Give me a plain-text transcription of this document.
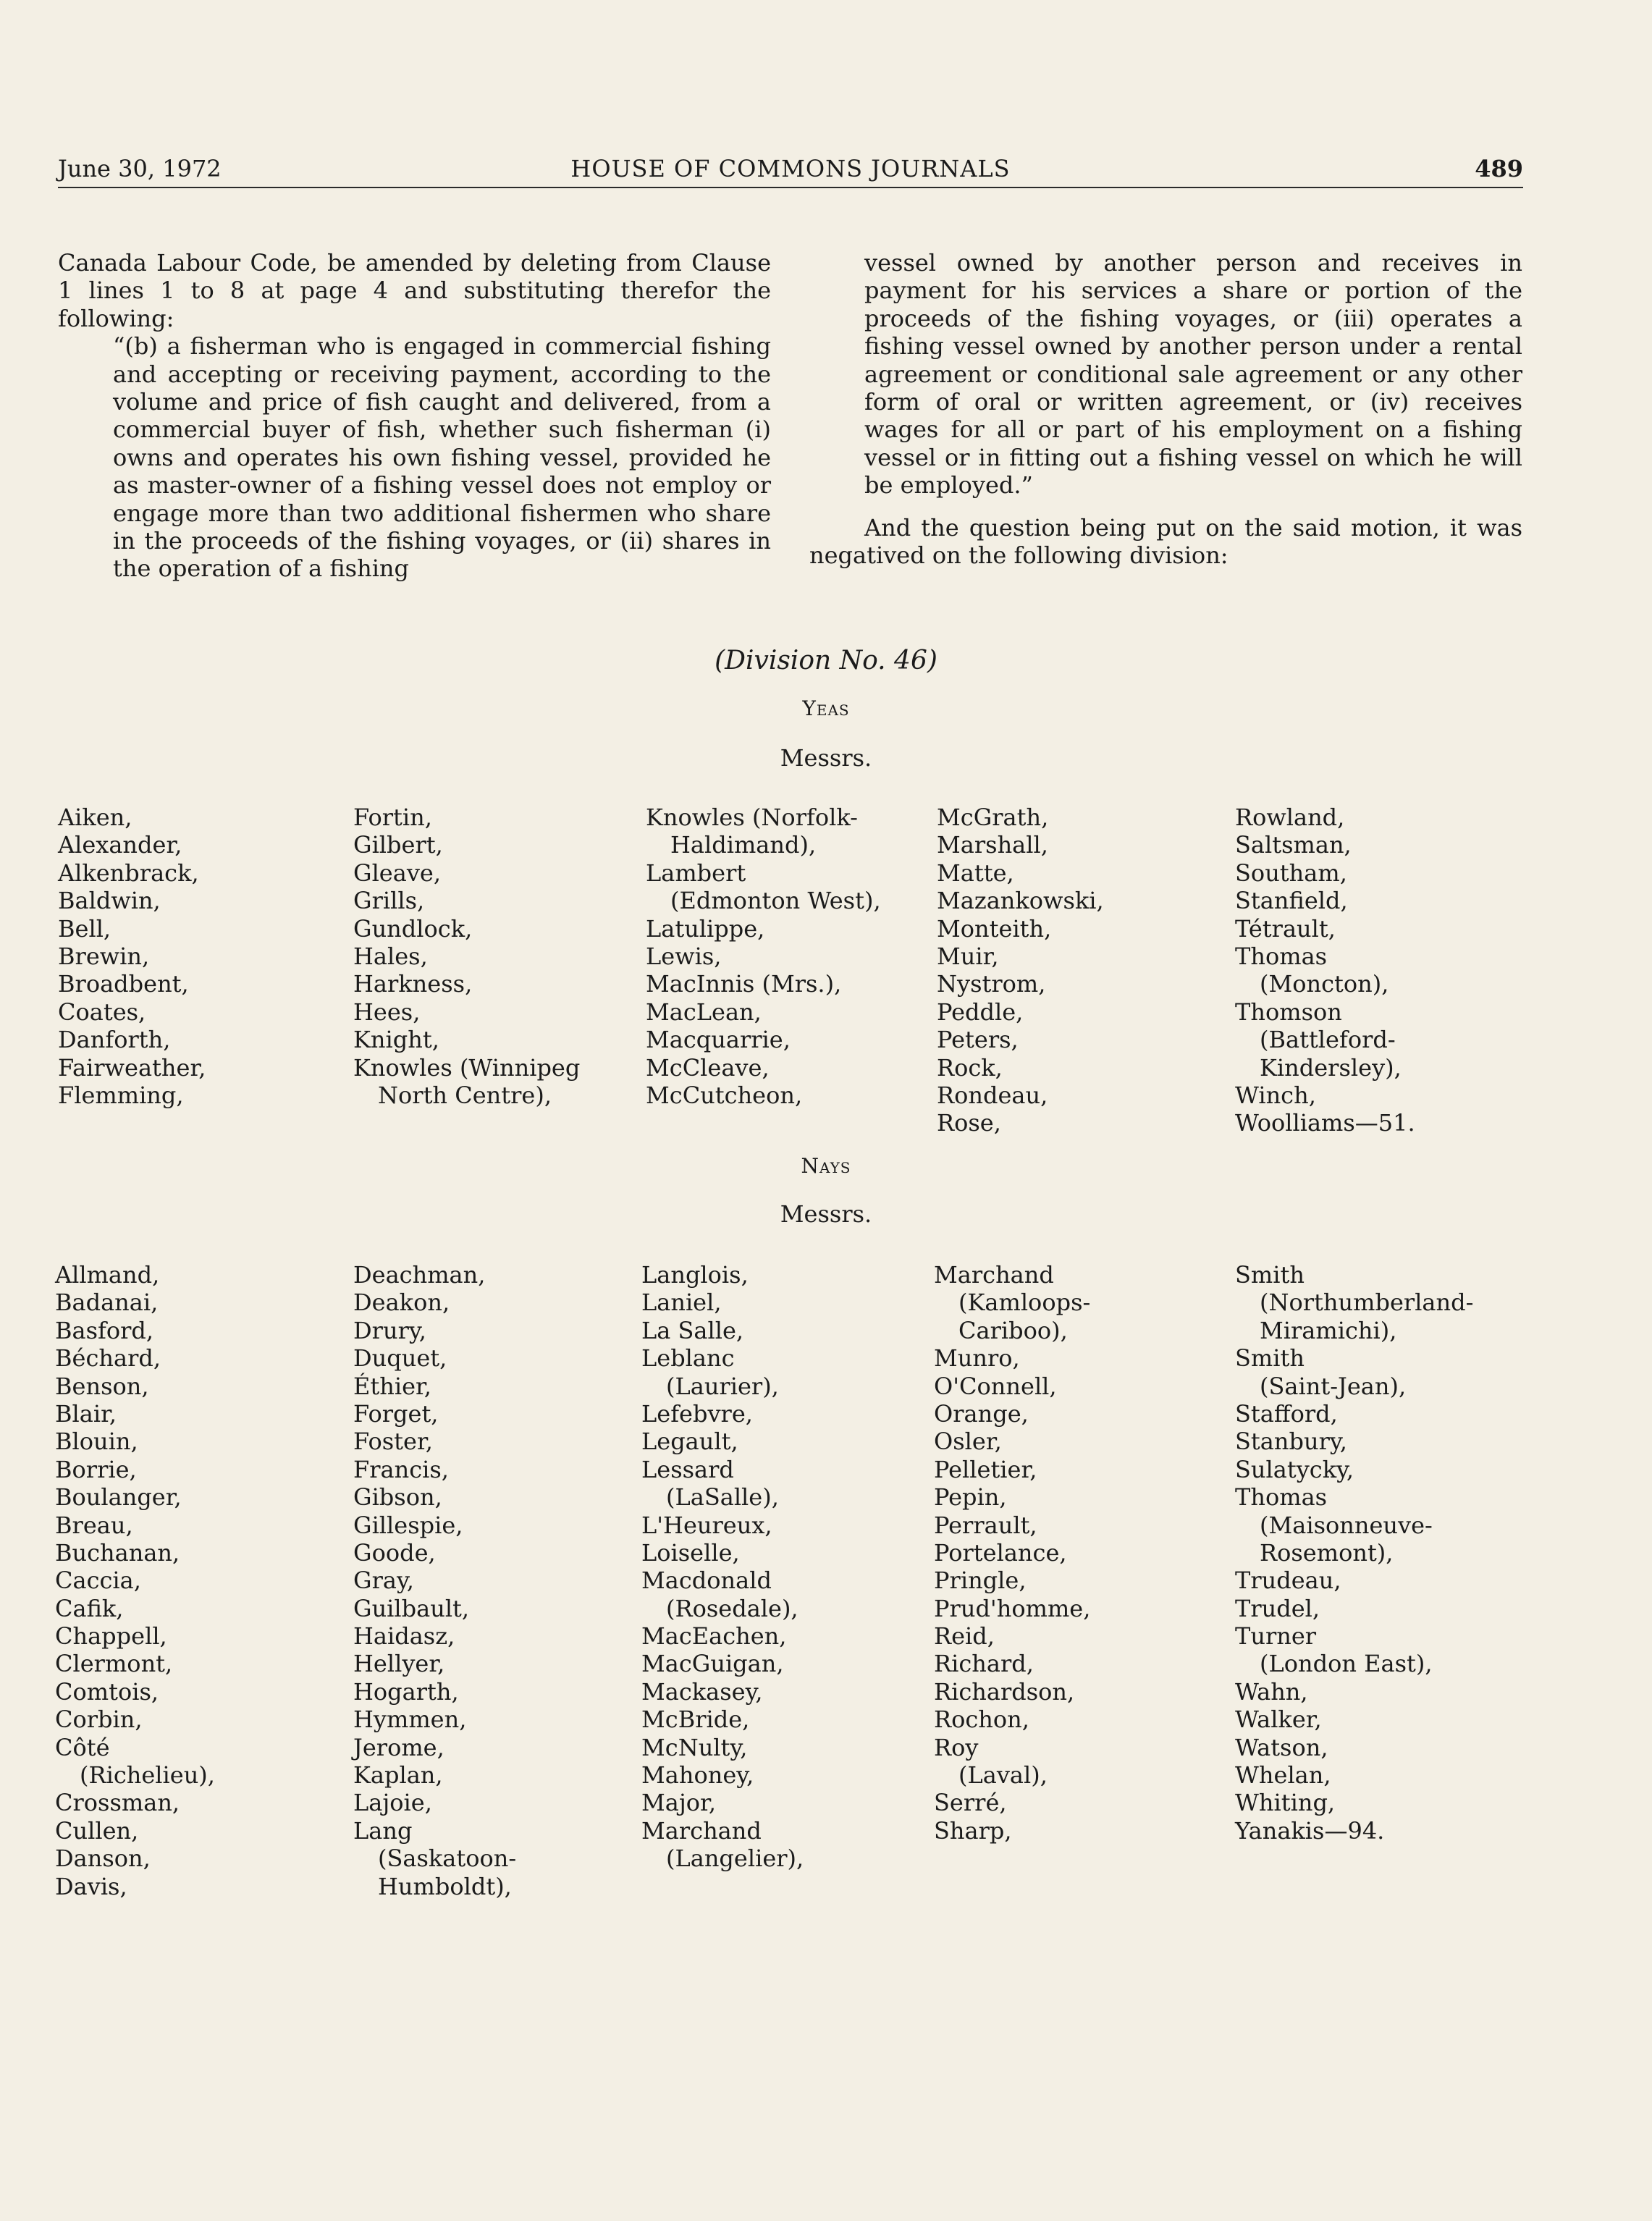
June 30, 1972	HOUSE OF COMMONS JOURNALS	489

Canada Labour Code, be amended by deleting from Clause 1 lines 1 to 8 at page 4 and substituting therefor the following:

“(b) a fisherman who is engaged in commercial fishing and accepting or receiving payment, according to the volume and price of fish caught and delivered, from a commercial buyer of fish, whether such fisherman (i) owns and operates his own fishing vessel, provided he as master-owner of a fishing vessel does not employ or engage more than two additional fishermen who share in the proceeds of the fishing voyages, or (ii) shares in the operation of a fishing

vessel owned by another person and receives in payment for his services a share or portion of the proceeds of the fishing voyages, or (iii) operates a fishing vessel owned by another person under a rental agreement or conditional sale agreement or any other form of oral or written agreement, or (iv) receives wages for all or part of his employment on a fishing vessel or in fitting out a fishing vessel on which he will be employed.”

And the question being put on the said motion, it was negatived on the following division:

(Division No. 46)
Yeas
Messrs.
Aiken,
Alexander,
Alkenbrack,
Baldwin,
Bell,
Brewin,
Broadbent,
Coates,
Danforth,
Fairweather,
Flemming,
Fortin,
Gilbert,
Gleave,
Grills,
Gundlock,
Hales,
Harkness,
Hees,
Knight,
Knowles (Winnipeg
North Centre),
Knowles (Norfolk-
Haldimand),
Lambert
(Edmonton West),
Latulippe,
Lewis,
MacInnis (Mrs.),
MacLean,
Macquarrie,
McCleave,
McCutcheon,
McGrath,
Marshall,
Matte,
Mazankowski,
Monteith,
Muir,
Nystrom,
Peddle,
Peters,
Rock,
Rondeau,
Rose,
Rowland,
Saltsman,
Southam,
Stanfield,
Tétrault,
Thomas
(Moncton),
Thomson
(Battleford-
Kindersley),
Winch,
Woolliams—51.
Nays
Messrs.
Allmand,
Badanai,
Basford,
Béchard,
Benson,
Blair,
Blouin,
Borrie,
Boulanger,
Breau,
Buchanan,
Caccia,
Cafik,
Chappell,
Clermont,
Comtois,
Corbin,
Côté
(Richelieu),
Crossman,
Cullen,
Danson,
Davis,
Deachman,
Deakon,
Drury,
Duquet,
Éthier,
Forget,
Foster,
Francis,
Gibson,
Gillespie,
Goode,
Gray,
Guilbault,
Haidasz,
Hellyer,
Hogarth,
Hymmen,
Jerome,
Kaplan,
Lajoie,
Lang
(Saskatoon-
Humboldt),
Langlois,
Laniel,
La Salle,
Leblanc
(Laurier),
Lefebvre,
Legault,
Lessard
(LaSalle),
L'Heureux,
Loiselle,
Macdonald
(Rosedale),
MacEachen,
MacGuigan,
Mackasey,
McBride,
McNulty,
Mahoney,
Major,
Marchand
(Langelier),
Marchand
(Kamloops-
Cariboo),
Munro,
O'Connell,
Orange,
Osler,
Pelletier,
Pepin,
Perrault,
Portelance,
Pringle,
Prud'homme,
Reid,
Richard,
Richardson,
Rochon,
Roy
(Laval),
Serré,
Sharp,
Smith
(Northumberland-
Miramichi),
Smith
(Saint-Jean),
Stafford,
Stanbury,
Sulatycky,
Thomas
(Maisonneuve-
Rosemont),
Trudeau,
Trudel,
Turner
(London East),
Wahn,
Walker,
Watson,
Whelan,
Whiting,
Yanakis—94.
